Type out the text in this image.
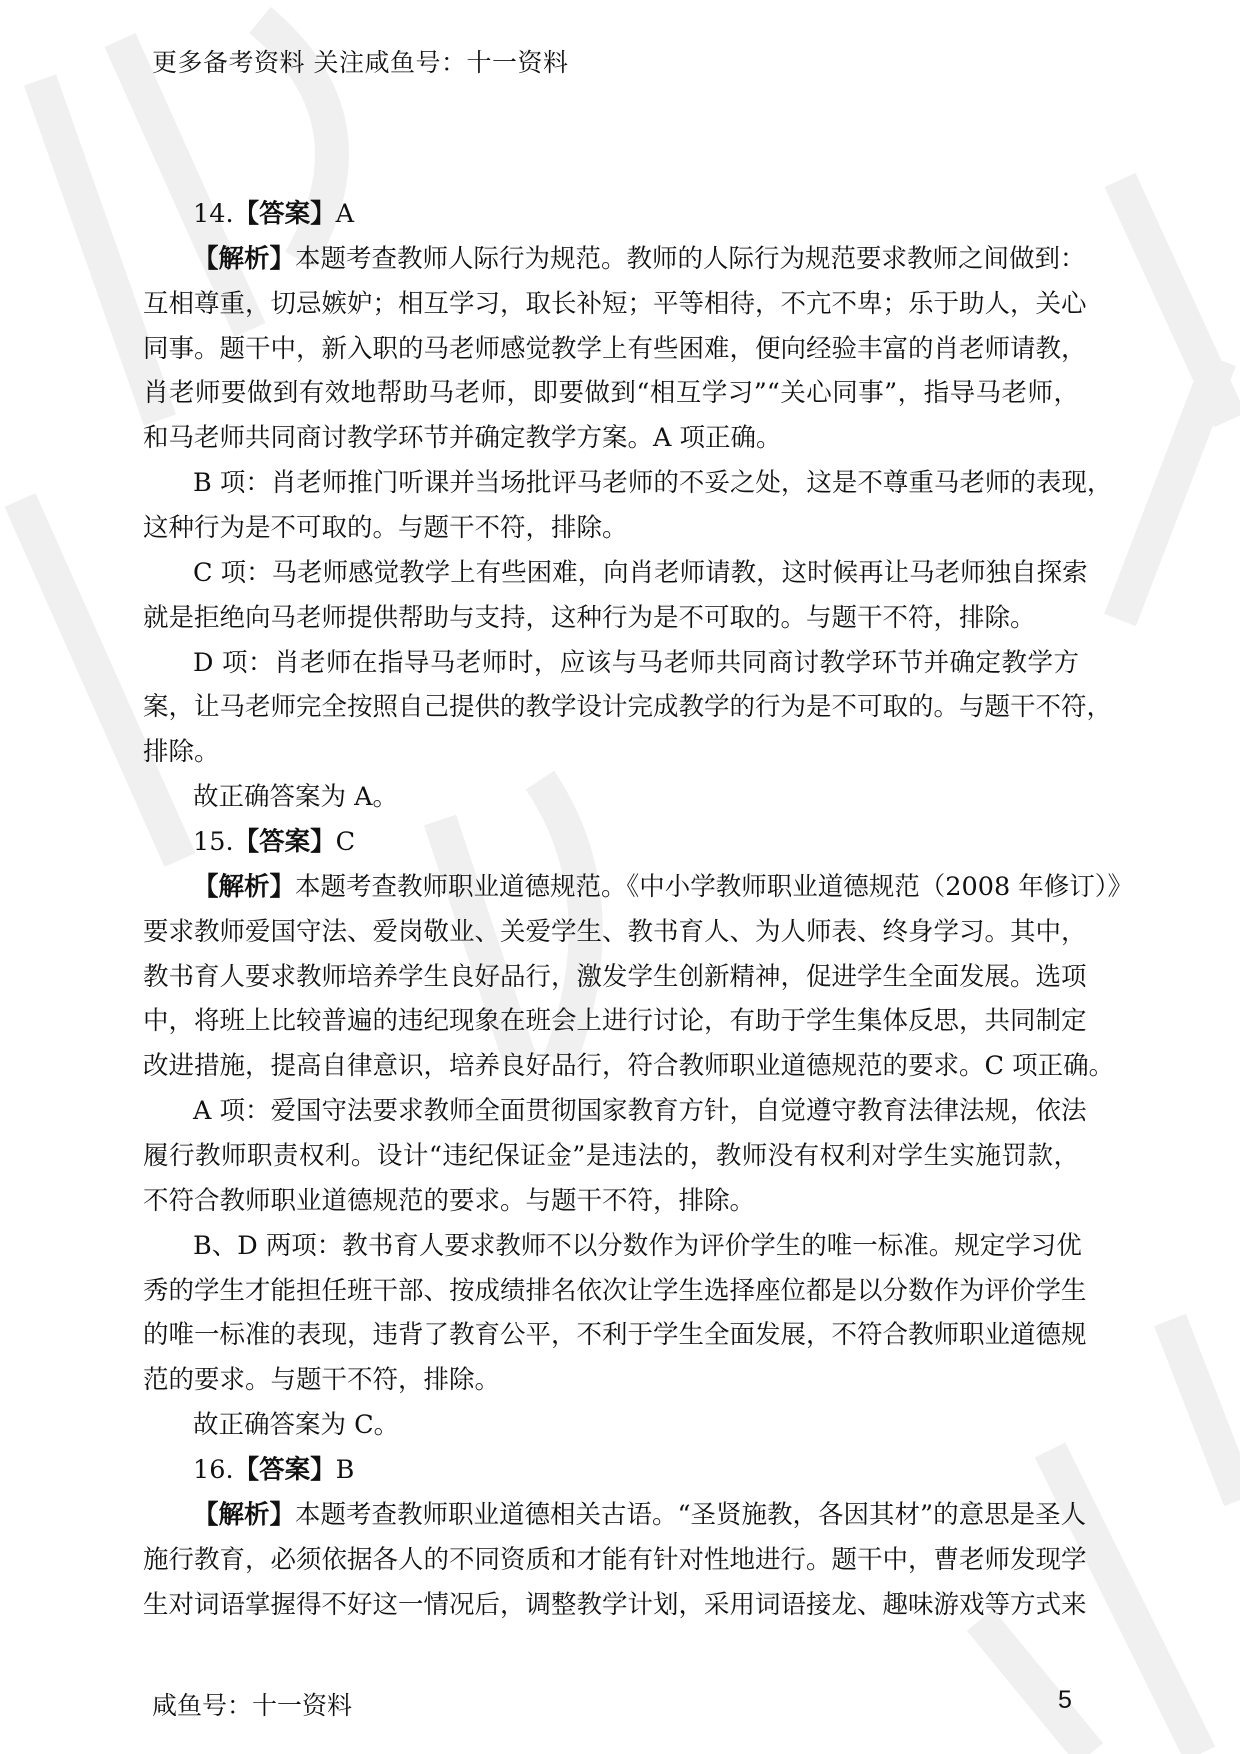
更多备考资料 关注咸鱼号：十一资料
14.【答案】A
【解析】本题考查教师人际行为规范。教师的人际行为规范要求教师之间做到：
互相尊重，切忌嫉妒；相互学习，取长补短；平等相待，不亢不卑；乐于助人，关心
同事。题干中，新入职的马老师感觉教学上有些困难，便向经验丰富的肖老师请教，
肖老师要做到有效地帮助马老师，即要做到“相互学习”“关心同事”，指导马老师，
和马老师共同商讨教学环节并确定教学方案。A 项正确。
B 项：肖老师推门听课并当场批评马老师的不妥之处，这是不尊重马老师的表现，
这种行为是不可取的。与题干不符，排除。
C 项：马老师感觉教学上有些困难，向肖老师请教，这时候再让马老师独自探索
就是拒绝向马老师提供帮助与支持，这种行为是不可取的。与题干不符，排除。
D 项：肖老师在指导马老师时，应该与马老师共同商讨教学环节并确定教学方
案，让马老师完全按照自己提供的教学设计完成教学的行为是不可取的。与题干不符，
排除。
故正确答案为 A。
15.【答案】C
【解析】本题考查教师职业道德规范。《中小学教师职业道德规范（2008 年修订）》
要求教师爱国守法、爱岗敬业、关爱学生、教书育人、为人师表、终身学习。其中，
教书育人要求教师培养学生良好品行，激发学生创新精神，促进学生全面发展。选项
中，将班上比较普遍的违纪现象在班会上进行讨论，有助于学生集体反思，共同制定
改进措施，提高自律意识，培养良好品行，符合教师职业道德规范的要求。C 项正确。
A 项：爱国守法要求教师全面贯彻国家教育方针，自觉遵守教育法律法规，依法
履行教师职责权利。设计“违纪保证金”是违法的，教师没有权利对学生实施罚款，
不符合教师职业道德规范的要求。与题干不符，排除。
B、D 两项：教书育人要求教师不以分数作为评价学生的唯一标准。规定学习优
秀的学生才能担任班干部、按成绩排名依次让学生选择座位都是以分数作为评价学生
的唯一标准的表现，违背了教育公平，不利于学生全面发展，不符合教师职业道德规
范的要求。与题干不符，排除。
故正确答案为 C。
16.【答案】B
【解析】本题考查教师职业道德相关古语。“圣贤施教，各因其材”的意思是圣人
施行教育，必须依据各人的不同资质和才能有针对性地进行。题干中，曹老师发现学
生对词语掌握得不好这一情况后，调整教学计划，采用词语接龙、趣味游戏等方式来
咸鱼号：十一资料	5
